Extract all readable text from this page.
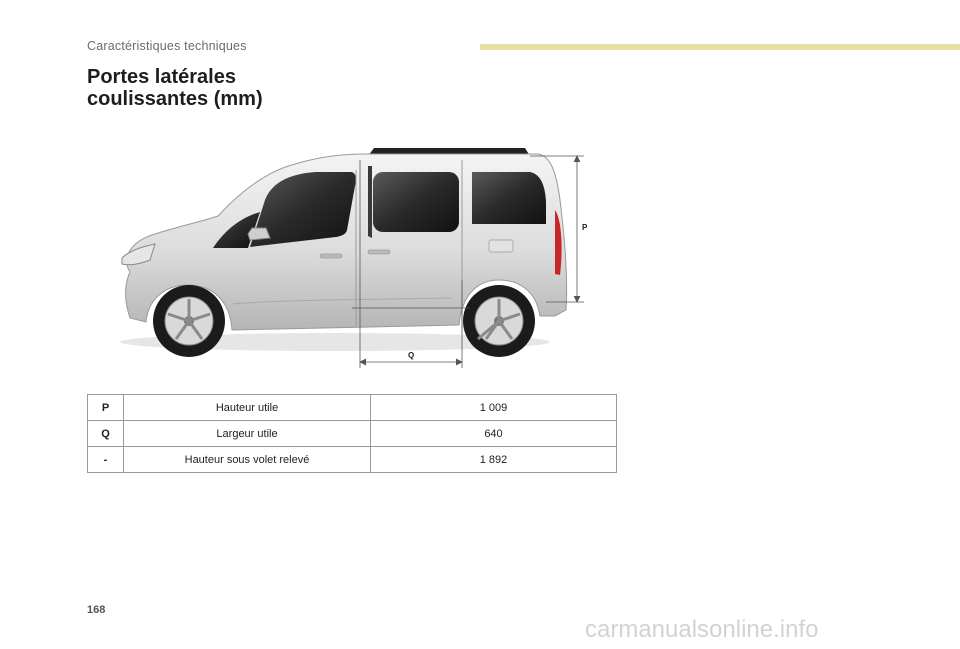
Caractéristiques techniques
Portes latérales
coulissantes (mm)
P
Q
P	Hauteur utile	1 009
Q	Largeur utile	640
-	Hauteur sous volet relevé	1 892
168
carmanualsonline.info
